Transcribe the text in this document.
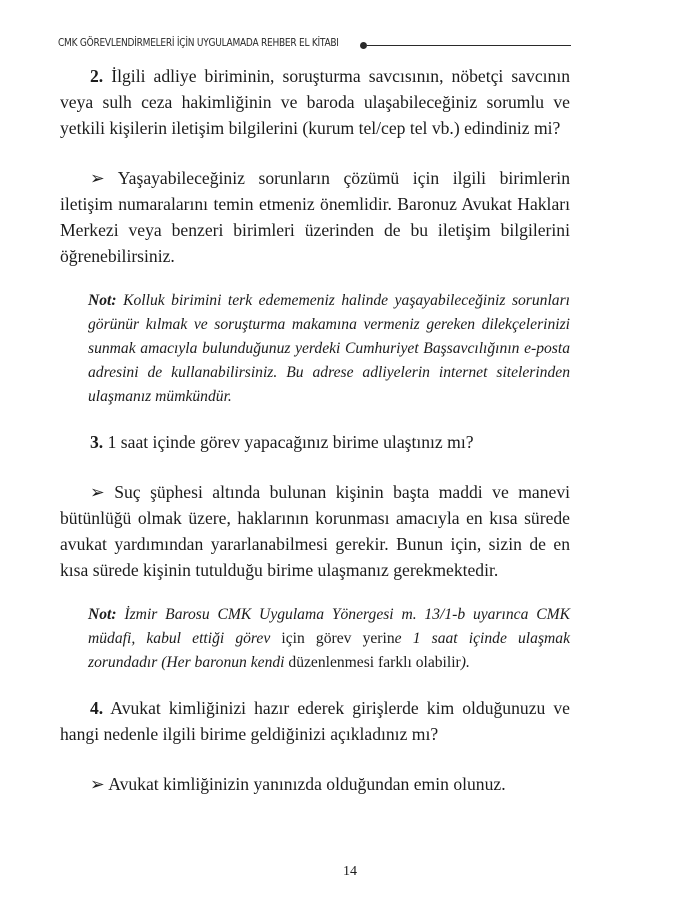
CMK GÖREVLENDİRMELERİ İÇİN UYGULAMADA REHBER EL KİTABI

2. İlgili adliye biriminin, soruşturma savcısının, nöbetçi savcının veya sulh ceza hakimliğinin ve baroda ulaşabileceğiniz sorumlu ve yetkili kişilerin iletişim bilgilerini (kurum tel/cep tel vb.) edindiniz mi?

➢ Yaşayabileceğiniz sorunların çözümü için ilgili birimlerin iletişim numaralarını temin etmeniz önemlidir. Baronuz Avukat Hakları Merkezi veya benzeri birimleri üzerinden de bu iletişim bilgilerini öğrenebilirsiniz.

Not: Kolluk birimini terk edememeniz halinde yaşayabileceğiniz sorunları görünür kılmak ve soruşturma makamına vermeniz gereken dilekçelerinizi sunmak amacıyla bulunduğunuz yerdeki Cumhuriyet Başsavcılığının e-posta adresini de kullanabilirsiniz. Bu adrese adliyelerin internet sitelerinden ulaşmanız mümkündür.

3. 1 saat içinde görev yapacağınız birime ulaştınız mı?

➢ Suç şüphesi altında bulunan kişinin başta maddi ve manevi bütünlüğü olmak üzere, haklarının korunması amacıyla en kısa sürede avukat yardımından yararlanabilmesi gerekir. Bunun için, sizin de en kısa sürede kişinin tutulduğu birime ulaşmanız gerekmektedir.

Not: İzmir Barosu CMK Uygulama Yönergesi m. 13/1-b uyarınca CMK müdafi, kabul ettiği görev için görev yerine 1 saat içinde ulaşmak zorundadır (Her baronun kendi düzenlenmesi farklı olabilir).

4. Avukat kimliğinizi hazır ederek girişlerde kim olduğunuzu ve hangi nedenle ilgili birime geldiğinizi açıkladınız mı?

➢ Avukat kimliğinizin yanınızda olduğundan emin olunuz.

14
